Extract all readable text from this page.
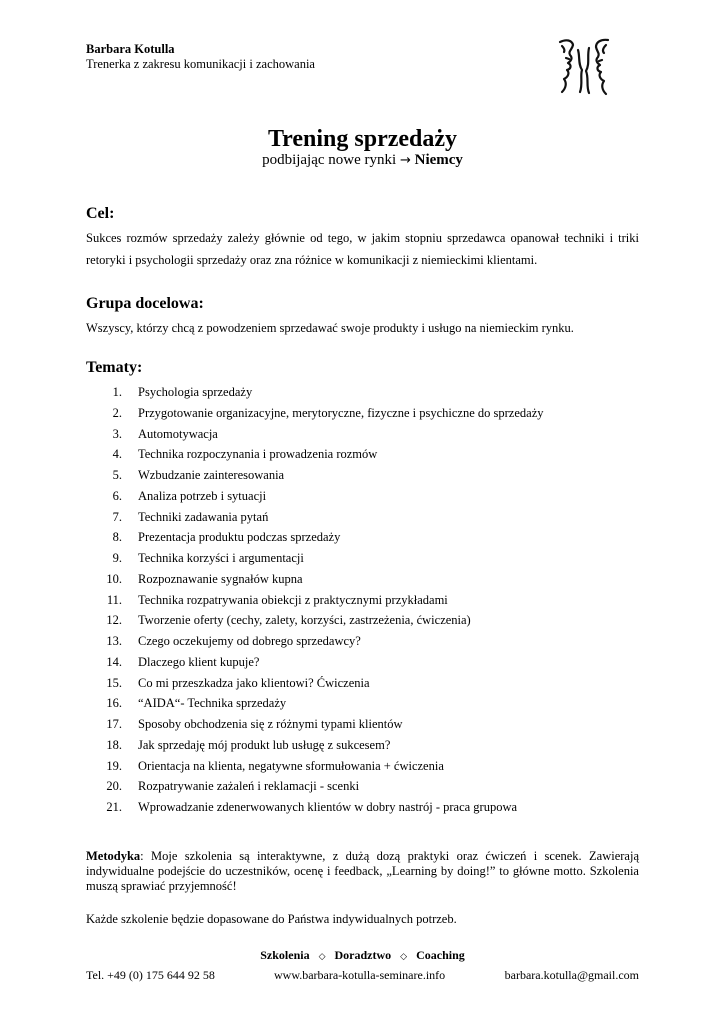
Barbara Kotulla
Trenerka z zakresu komunikacji i zachowania
Trening sprzedaży
podbijając nowe rynki → Niemcy
Cel:
Sukces rozmów sprzedaży zależy głównie od tego, w jakim stopniu sprzedawca opanował techniki i triki retoryki i psychologii sprzedaży oraz zna różnice w komunikacji z niemieckimi klientami.
Grupa docelowa:
Wszyscy, którzy chcą z powodzeniem sprzedawać swoje produkty i usługo na niemieckim rynku.
Tematy:
1. Psychologia sprzedaży
2. Przygotowanie organizacyjne, merytoryczne, fizyczne i psychiczne do sprzedaży
3. Automotywacja
4. Technika rozpoczynania i prowadzenia rozmów
5. Wzbudzanie zainteresowania
6. Analiza potrzeb i sytuacji
7. Techniki zadawania pytań
8. Prezentacja produktu podczas sprzedaży
9. Technika korzyści i argumentacji
10. Rozpoznawanie sygnałów kupna
11. Technika rozpatrywania obiekcji z praktycznymi przykładami
12. Tworzenie oferty (cechy, zalety, korzyści, zastrzeżenia, ćwiczenia)
13. Czego oczekujemy od dobrego sprzedawcy?
14. Dlaczego klient kupuje?
15. Co mi przeszkadza jako klientowi? Ćwiczenia
16. “AIDA“- Technika sprzedaży
17. Sposoby obchodzenia się z różnymi typami klientów
18. Jak sprzedaję mój produkt lub usługę z sukcesem?
19. Orientacja na klienta, negatywne sformułowania + ćwiczenia
20. Rozpatrywanie zażaleń i reklamacji - scenki
21. Wprowadzanie zdenerwowanych klientów w dobry nastrój - praca grupowa
Metodyka: Moje szkolenia są interaktywne, z dużą dozą praktyki oraz ćwiczeń i scenek. Zawierają indywidualne podejście do uczestników, ocenę i feedback, „Learning by doing!” to główne motto. Szkolenia muszą sprawiać przyjemność!
Każde szkolenie będzie dopasowane do Państwa indywidualnych potrzeb.
Szkolenia ◇ Doradztwo ◇ Coaching
Tel. +49 (0) 175 644 92 58	www.barbara-kotulla-seminare.info	barbara.kotulla@gmail.com
